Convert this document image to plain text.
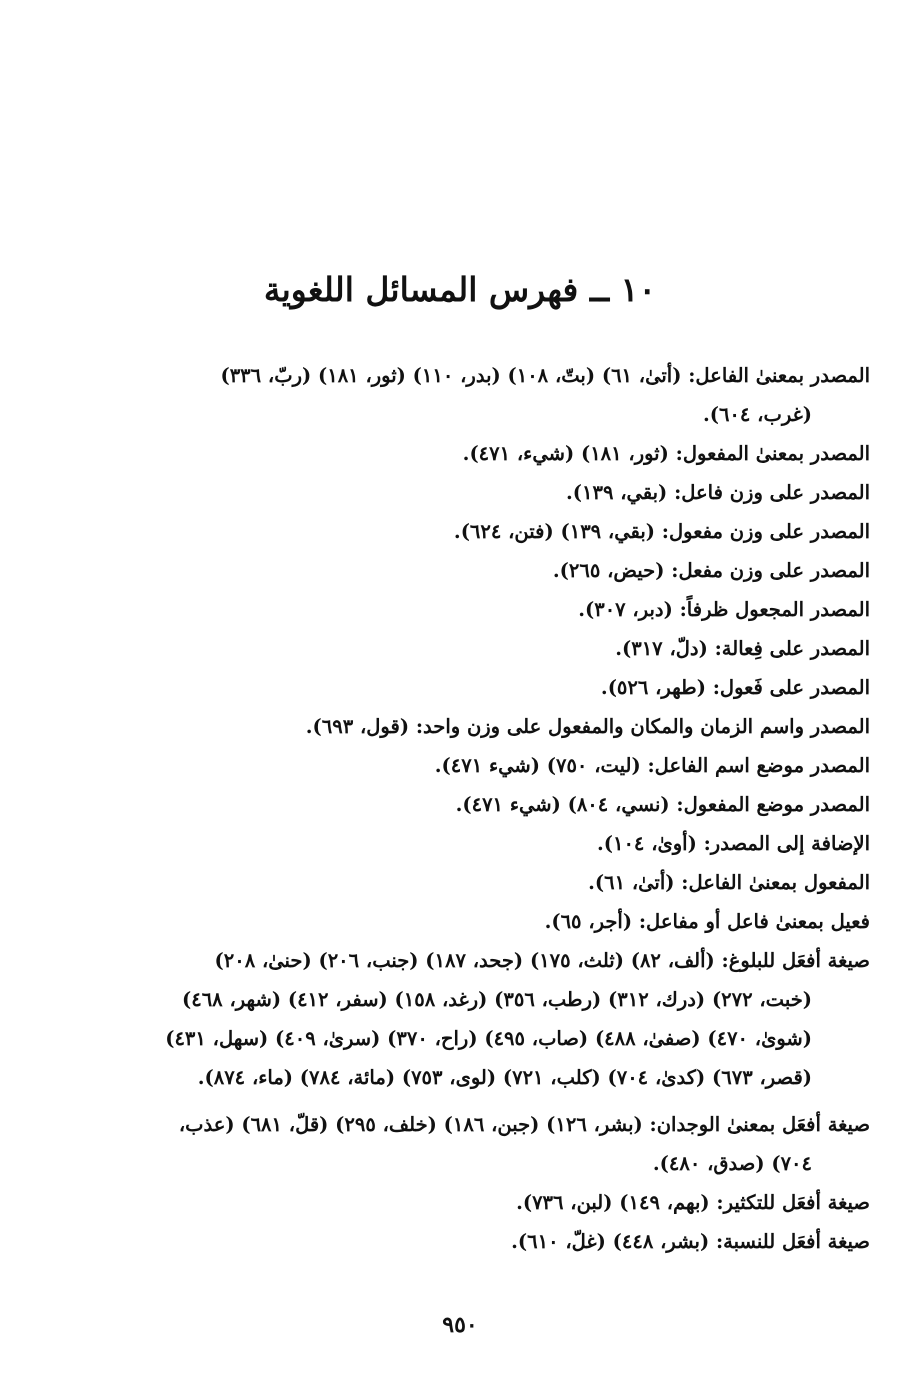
١٠ ــ فهرس المسائل اللغوية
المصدر بمعنىٰ الفاعل: (أتىٰ، ٦١) (بتّ، ١٠٨) (بدر، ١١٠) (ثور، ١٨١) (ربّ، ٣٣٦)
(غرب، ٦٠٤).
المصدر بمعنىٰ المفعول: (ثور، ١٨١) (شيء، ٤٧١).
المصدر على وزن فاعل: (بقي، ١٣٩).
المصدر على وزن مفعول: (بقي، ١٣٩) (فتن، ٦٢٤).
المصدر على وزن مفعل: (حيض، ٢٦٥).
المصدر المجعول ظرفاً: (دبر، ٣٠٧).
المصدر على فِعالة: (دلّ، ٣١٧).
المصدر على فَعول: (طهر، ٥٢٦).
المصدر واسم الزمان والمكان والمفعول على وزن واحد: (قول، ٦٩٣).
المصدر موضع اسم الفاعل: (ليت، ٧٥٠) (شيء ٤٧١).
المصدر موضع المفعول: (نسي، ٨٠٤) (شيء ٤٧١).
الإضافة إلى المصدر: (أوىٰ، ١٠٤).
المفعول بمعنىٰ الفاعل: (أتىٰ، ٦١).
فعيل بمعنىٰ فاعل أو مفاعل: (أجر، ٦٥).
صيغة أفعَل للبلوغ: (ألف، ٨٢) (ثلث، ١٧٥) (جحد، ١٨٧) (جنب، ٢٠٦) (حنىٰ، ٢٠٨)
(خبت، ٢٧٢) (درك، ٣١٢) (رطب، ٣٥٦) (رغد، ١٥٨) (سفر، ٤١٢) (شهر، ٤٦٨)
(شوىٰ، ٤٧٠) (صفىٰ، ٤٨٨) (صاب، ٤٩٥) (راح، ٣٧٠) (سرىٰ، ٤٠٩) (سهل، ٤٣١)
(قصر، ٦٧٣) (كدىٰ، ٧٠٤) (كلب، ٧٢١) (لوى، ٧٥٣) (مائة، ٧٨٤) (ماء، ٨٧٤).
صيغة أفعَل بمعنىٰ الوجدان: (بشر، ١٢٦) (جبن، ١٨٦) (خلف، ٢٩٥) (قلّ، ٦٨١) (عذب،
٧٠٤) (صدق، ٤٨٠).
صيغة أفعَل للتكثير: (بهم، ١٤٩) (لبن، ٧٣٦).
صيغة أفعَل للنسبة: (بشر، ٤٤٨) (غلّ، ٦١٠).
٩٥٠
